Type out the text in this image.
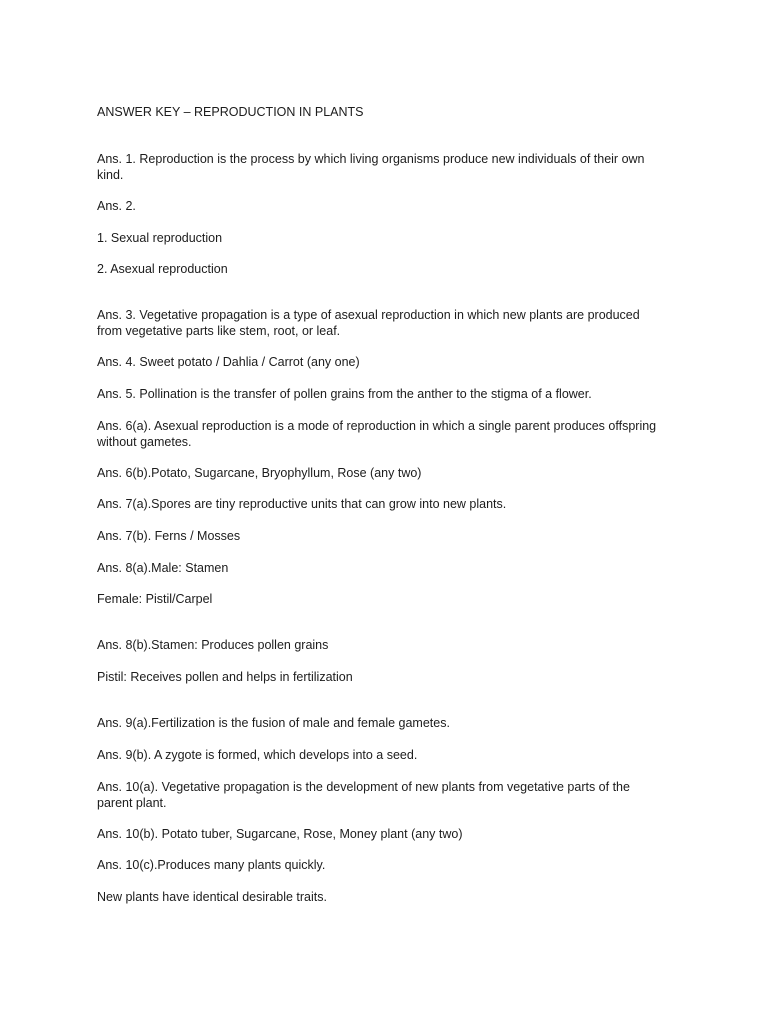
ANSWER KEY – REPRODUCTION IN PLANTS

Ans. 1. Reproduction is the process by which living organisms produce new individuals of their own kind.

Ans. 2.

1. Sexual reproduction

2. Asexual reproduction

Ans. 3. Vegetative propagation is a type of asexual reproduction in which new plants are produced from vegetative parts like stem, root, or leaf.

Ans. 4. Sweet potato / Dahlia / Carrot (any one)

Ans. 5. Pollination is the transfer of pollen grains from the anther to the stigma of a flower.

Ans. 6(a). Asexual reproduction is a mode of reproduction in which a single parent produces offspring without gametes.

Ans. 6(b).Potato, Sugarcane, Bryophyllum, Rose (any two)

Ans. 7(a).Spores are tiny reproductive units that can grow into new plants.

Ans. 7(b). Ferns / Mosses

Ans. 8(a).Male: Stamen

Female: Pistil/Carpel

Ans. 8(b).Stamen: Produces pollen grains

Pistil: Receives pollen and helps in fertilization

Ans. 9(a).Fertilization is the fusion of male and female gametes.

Ans. 9(b). A zygote is formed, which develops into a seed.

Ans. 10(a). Vegetative propagation is the development of new plants from vegetative parts of the parent plant.

Ans. 10(b). Potato tuber, Sugarcane, Rose, Money plant (any two)

Ans. 10(c).Produces many plants quickly.

New plants have identical desirable traits.
